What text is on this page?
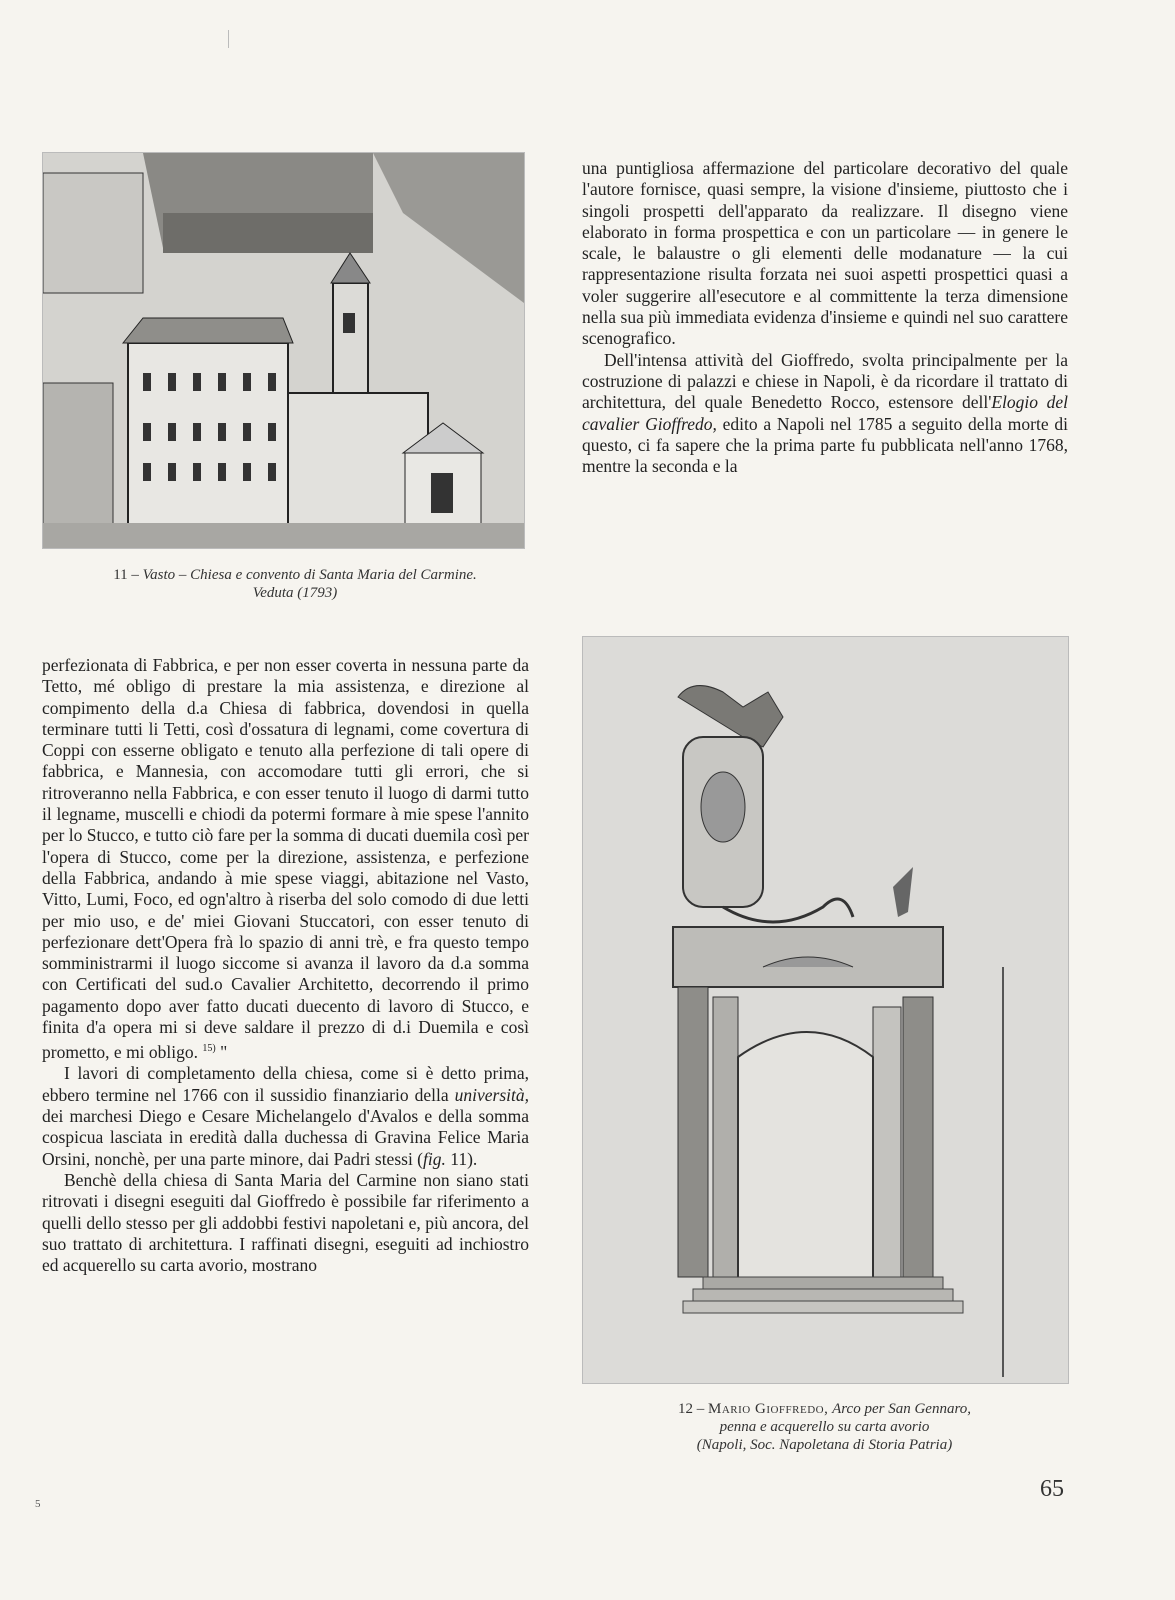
11 – Vasto – Chiesa e convento di Santa Maria del Carmine.
Veduta (1793)

una puntigliosa affermazione del particolare decorativo del quale l'autore fornisce, quasi sempre, la visione d'insieme, piuttosto che i singoli prospetti dell'apparato da realizzare. Il disegno viene elaborato in forma prospettica e con un particolare — in genere le scale, le balaustre o gli elementi delle modanature — la cui rappresentazione risulta forzata nei suoi aspetti prospettici quasi a voler suggerire all'esecutore e al committente la terza dimensione nella sua più immediata evidenza d'insieme e quindi nel suo carattere scenografico.

Dell'intensa attività del Gioffredo, svolta principalmente per la costruzione di palazzi e chiese in Napoli, è da ricordare il trattato di architettura, del quale Benedetto Rocco, estensore dell'Elogio del cavalier Gioffredo, edito a Napoli nel 1785 a seguito della morte di questo, ci fa sapere che la prima parte fu pubblicata nell'anno 1768, mentre la seconda e la

perfezionata di Fabbrica, e per non esser coverta in nessuna parte da Tetto, mé obligo di prestare la mia assistenza, e direzione al compimento della d.a Chiesa di fabbrica, dovendosi in quella terminare tutti li Tetti, così d'ossatura di legnami, come covertura di Coppi con esserne obligato e tenuto alla perfezione di tali opere di fabbrica, e Mannesia, con accomodare tutti gli errori, che si ritroveranno nella Fabbrica, e con esser tenuto il luogo di darmi tutto il legname, muscelli e chiodi da potermi formare à mie spese l'annito per lo Stucco, e tutto ciò fare per la somma di ducati duemila così per l'opera di Stucco, come per la direzione, assistenza, e perfezione della Fabbrica, andando à mie spese viaggi, abitazione nel Vasto, Vitto, Lumi, Foco, ed ogn'altro à riserba del solo comodo di due letti per mio uso, e de' miei Giovani Stuccatori, con esser tenuto di perfezionare dett'Opera frà lo spazio di anni trè, e fra questo tempo somministrarmi il luogo siccome si avanza il lavoro da d.a somma con Certificati del sud.o Cavalier Architetto, decorrendo il primo pagamento dopo aver fatto ducati duecento di lavoro di Stucco, e finita d'a opera mi si deve saldare il prezzo di d.i Duemila e così prometto, e mi obligo. $^{15)}$ "

I lavori di completamento della chiesa, come si è detto prima, ebbero termine nel 1766 con il sussidio finanziario della università, dei marchesi Diego e Cesare Michelangelo d'Avalos e della somma cospicua lasciata in eredità dalla duchessa di Gravina Felice Maria Orsini, nonchè, per una parte minore, dai Padri stessi (fig. 11).

Benchè della chiesa di Santa Maria del Carmine non siano stati ritrovati i disegni eseguiti dal Gioffredo è possibile far riferimento a quelli dello stesso per gli addobbi festivi napoletani e, più ancora, del suo trattato di architettura. I raffinati disegni, eseguiti ad inchiostro ed acquerello su carta avorio, mostrano

12 – Mario Gioffredo, Arco per San Gennaro,
penna e acquerello su carta avorio
(Napoli, Soc. Napoletana di Storia Patria)
65
5
